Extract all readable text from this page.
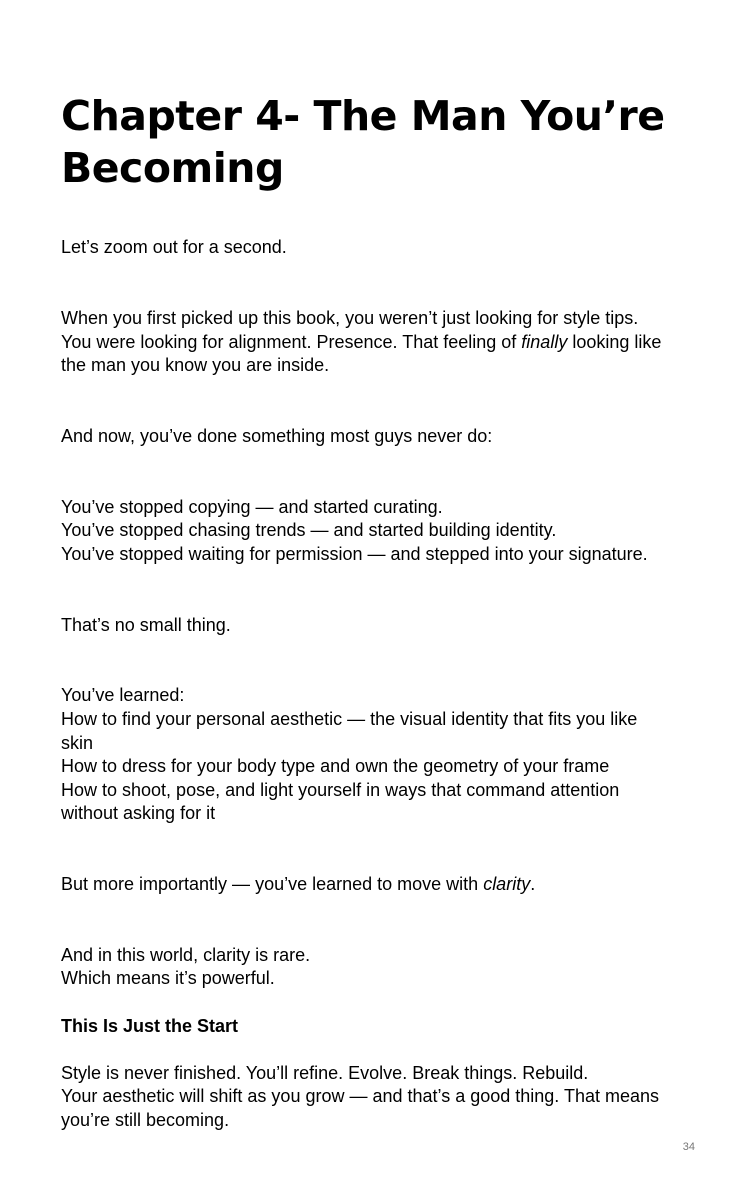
Chapter 4- The Man You’re
Becoming
Let’s zoom out for a second.
When you first picked up this book, you weren’t just looking for style tips.
You were looking for alignment. Presence. That feeling of finally looking like
the man you know you are inside.
And now, you’ve done something most guys never do:
You’ve stopped copying — and started curating.
You’ve stopped chasing trends — and started building identity.
You’ve stopped waiting for permission — and stepped into your signature.
That’s no small thing.
You’ve learned:
How to find your personal aesthetic — the visual identity that fits you like
skin
How to dress for your body type and own the geometry of your frame
How to shoot, pose, and light yourself in ways that command attention
without asking for it
But more importantly — you’ve learned to move with clarity.
And in this world, clarity is rare.
Which means it’s powerful.
This Is Just the Start
Style is never finished. You’ll refine. Evolve. Break things. Rebuild.
Your aesthetic will shift as you grow — and that’s a good thing. That means
you’re still becoming.
34
